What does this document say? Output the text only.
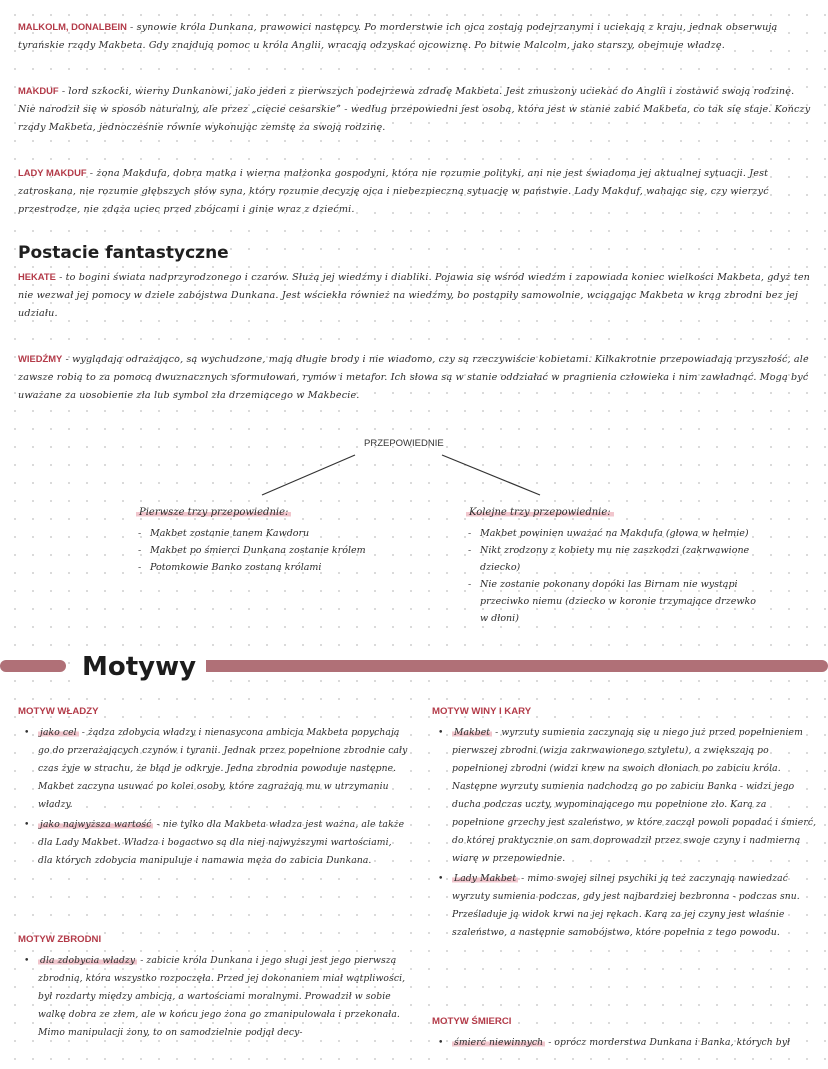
MALKOLM, DONALBEIN - synowie króla Dunkana, prawowici następcy. Po morderstwie ich ojca zostają podejrzanymi i uciekają z kraju, jednak obserwują tyrańskie rządy Makbeta. Gdy znajdują pomoc u króla Anglii, wracają odzyskać ojcowiznę. Po bitwie Malcolm, jako starszy, obejmuje władzę.
MAKDUF - lord szkocki, wierny Dunkanowi, jako jeden z pierwszych podejrzewa zdradę Makbeta. Jest zmuszony uciekać do Anglii i zostawić swoją rodzinę. Nie narodził się w sposób naturalny, ale przez „cięcie cesarskie” - według przepowiedni jest osobą, która jest w stanie zabić Makbeta, co tak się staje. Kończy rządy Makbeta, jednocześnie równie wykonując zemstę za swoją rodzinę.
LADY MAKDUF - żona Makdufa, dobra matka i wierna małżonka gospodyni, która nie rozumie polityki, ani nie jest świadoma jej aktualnej sytuacji. Jest zatroskana, nie rozumie głębszych słów syna, który rozumie decyzję ojca i niebezpieczną sytuację w państwie. Lady Makduf, wahając się, czy wierzyć przestrodze, nie zdąża uciec przed zbójcami i ginie wraz z dziećmi.
Postacie fantastyczne
HEKATE - to bogini świata nadprzyrodzonego i czarów. Służą jej wiedźmy i diabliki. Pojawia się wśród wiedźm i zapowiada koniec wielkości Makbeta, gdyż ten nie wezwał jej pomocy w dziele zabójstwa Dunkana. Jest wściekła również na wiedźmy, bo postąpiły samowolnie, wciągając Makbeta w krąg zbrodni bez jej udziału.
WIEDŹMY - wyglądają odrażająco, są wychudzone, mają długie brody i nie wiadomo, czy są rzeczywiście kobietami. Kilkakrotnie przepowiadają przyszłość, ale zawsze robią to za pomocą dwuznacznych sformułowań, rymów i metafor. Ich słowa są w stanie oddziałać w pragnienia człowieka i nim zawładnąć. Mogą być uważane za uosobienie zła lub symbol zła drzemiącego w Makbecie.
PRZEPOWIEDNIE
Pierwsze trzy przepowiednie:
- Makbet zostanie tanem Kawdoru
- Makbet po śmierci Dunkana zostanie królem
- Potomkowie Banko zostaną królami
Kolejne trzy przepowiednie:
- Makbet powinien uważać na Makdufa (głowa w hełmie)
- Nikt zrodzony z kobiety mu nie zaszkodzi (zakrwawione dziecko)
- Nie zostanie pokonany dopóki las Birnam nie wystąpi przeciwko niemu (dziecko w koronie trzymające drzewko w dłoni)
Motywy
MOTYW WŁADZY
• jako cel - żądza zdobycia władzy i nienasycona ambicja Makbeta popychają go do przerażających czynów i tyranii. Jednak przez popełnione zbrodnie cały czas żyje w strachu, że błąd je odkryje. Jedna zbrodnia powoduje następne. Makbet zaczyna usuwać po kolei osoby, które zagrażają mu w utrzymaniu władzy.
• jako najwyższa wartość - nie tylko dla Makbeta władza jest ważna, ale także dla Lady Makbet. Władza i bogactwo są dla niej najwyższymi wartościami, dla których zdobycia manipuluje i namawia męża do zabicia Dunkana.
MOTYW ZBRODNI
• dla zdobycia władzy - zabicie króla Dunkana i jego sługi jest jego pierwszą zbrodnią, która wszystko rozpoczęła. Przed jej dokonaniem miał wątpliwości, był rozdarty między ambicją, a wartościami moralnymi. Prowadził w sobie walkę dobra ze złem, ale w końcu jego żona go zmanipulowała i przekonała. Mimo manipulacji żony, to on samodzielnie podjął decy-
MOTYW WINY I KARY
• Makbet - wyrzuty sumienia zaczynają się u niego już przed popełnieniem pierwszej zbrodni (wizja zakrwawionego sztyletu), a zwiększają po popełnionej zbrodni (widzi krew na swoich dłoniach po zabiciu króla. Następne wyrzuty sumienia nadchodzą go po zabiciu Banka - widzi jego ducha podczas uczty, wypominającego mu popełnione zło. Karą za popełnione grzechy jest szaleństwo, w które zaczął powoli popadać i śmierć, do której praktycznie on sam doprowadził przez swoje czyny i nadmierną wiarę w przepowiednie.
• Lady Makbet - mimo swojej silnej psychiki ją też zaczynają nawiedzać wyrzuty sumienia podczas, gdy jest najbardziej bezbronna - podczas snu. Prześladuje ją widok krwi na jej rękach. Karą za jej czyny jest właśnie szaleństwo, a następnie samobójstwo, które popełnia z tego powodu.
MOTYW ŚMIERCI
• śmierć niewinnych - oprócz morderstwa Dunkana i Banka, których był
